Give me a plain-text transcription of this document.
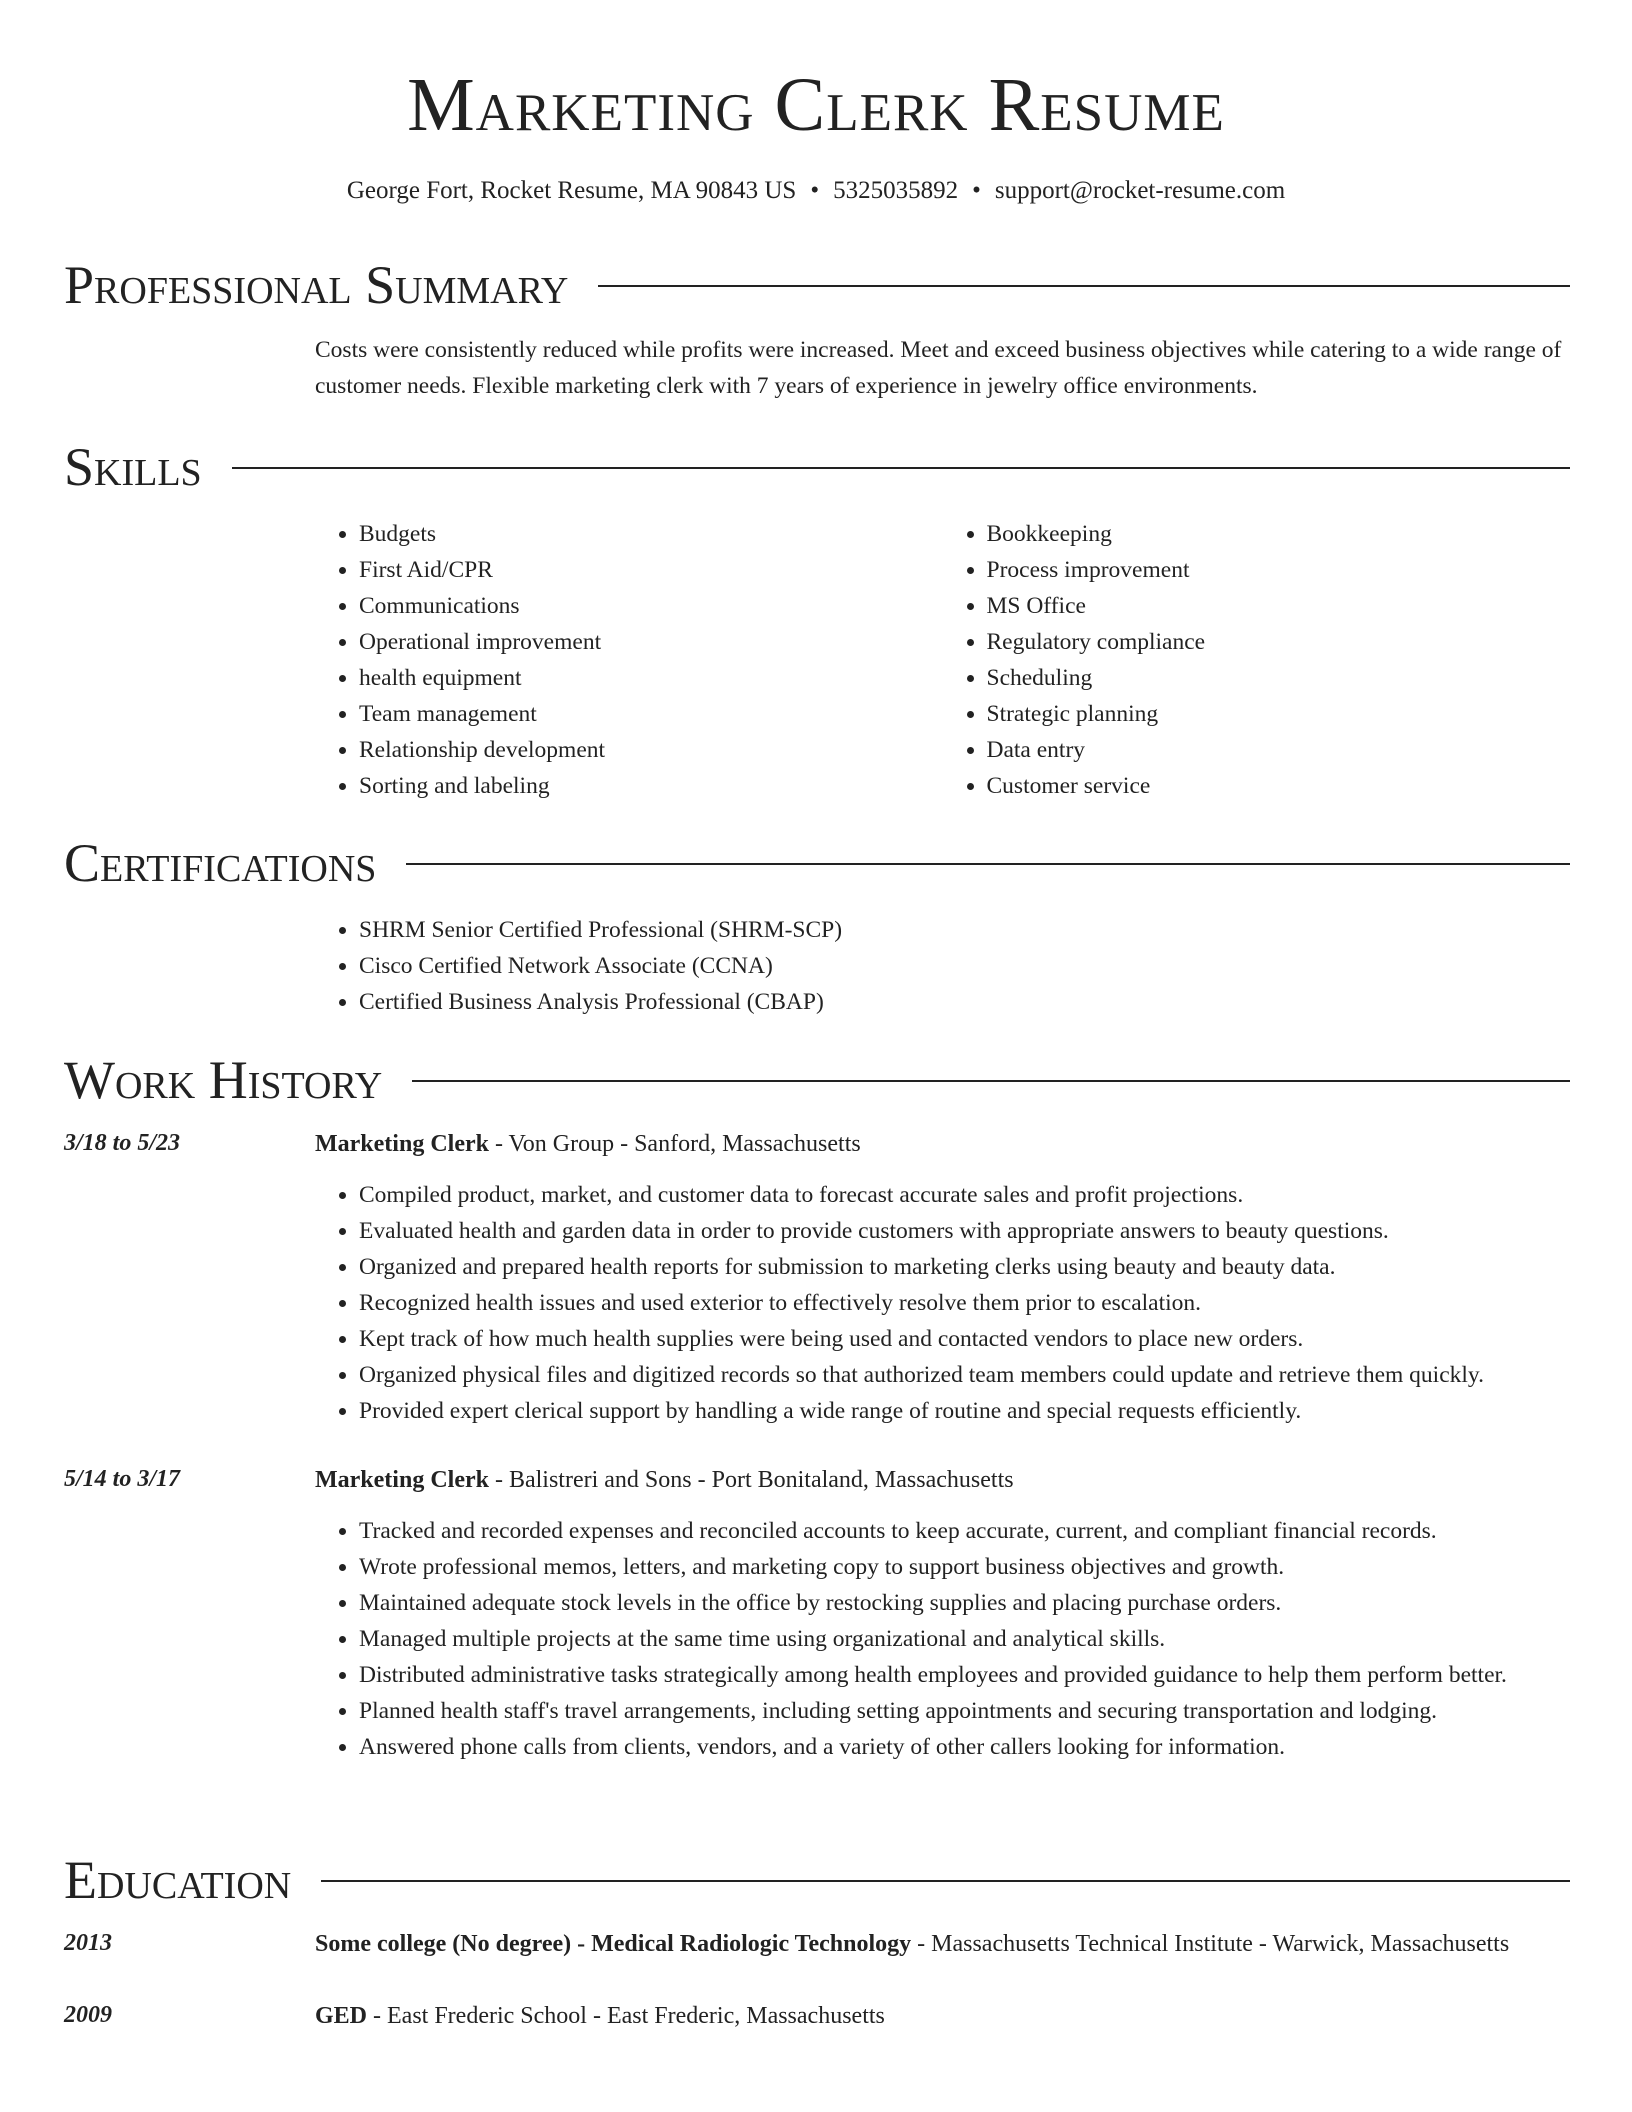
Marketing Clerk Resume
George Fort, Rocket Resume, MA 90843 US • 5325035892 • support@rocket-resume.com
Professional Summary
Costs were consistently reduced while profits were increased. Meet and exceed business objectives while catering to a wide range of customer needs. Flexible marketing clerk with 7 years of experience in jewelry office environments.
Skills
• Budgets
• First Aid/CPR
• Communications
• Operational improvement
• health equipment
• Team management
• Relationship development
• Sorting and labeling
• Bookkeeping
• Process improvement
• MS Office
• Regulatory compliance
• Scheduling
• Strategic planning
• Data entry
• Customer service
Certifications
• SHRM Senior Certified Professional (SHRM-SCP)
• Cisco Certified Network Associate (CCNA)
• Certified Business Analysis Professional (CBAP)
Work History
3/18 to 5/23	Marketing Clerk - Von Group - Sanford, Massachusetts
• Compiled product, market, and customer data to forecast accurate sales and profit projections.
• Evaluated health and garden data in order to provide customers with appropriate answers to beauty questions.
• Organized and prepared health reports for submission to marketing clerks using beauty and beauty data.
• Recognized health issues and used exterior to effectively resolve them prior to escalation.
• Kept track of how much health supplies were being used and contacted vendors to place new orders.
• Organized physical files and digitized records so that authorized team members could update and retrieve them quickly.
• Provided expert clerical support by handling a wide range of routine and special requests efficiently.
5/14 to 3/17	Marketing Clerk - Balistreri and Sons - Port Bonitaland, Massachusetts
• Tracked and recorded expenses and reconciled accounts to keep accurate, current, and compliant financial records.
• Wrote professional memos, letters, and marketing copy to support business objectives and growth.
• Maintained adequate stock levels in the office by restocking supplies and placing purchase orders.
• Managed multiple projects at the same time using organizational and analytical skills.
• Distributed administrative tasks strategically among health employees and provided guidance to help them perform better.
• Planned health staff's travel arrangements, including setting appointments and securing transportation and lodging.
• Answered phone calls from clients, vendors, and a variety of other callers looking for information.
Education
2013	Some college (No degree) - Medical Radiologic Technology - Massachusetts Technical Institute - Warwick, Massachusetts
2009	GED - East Frederic School - East Frederic, Massachusetts
